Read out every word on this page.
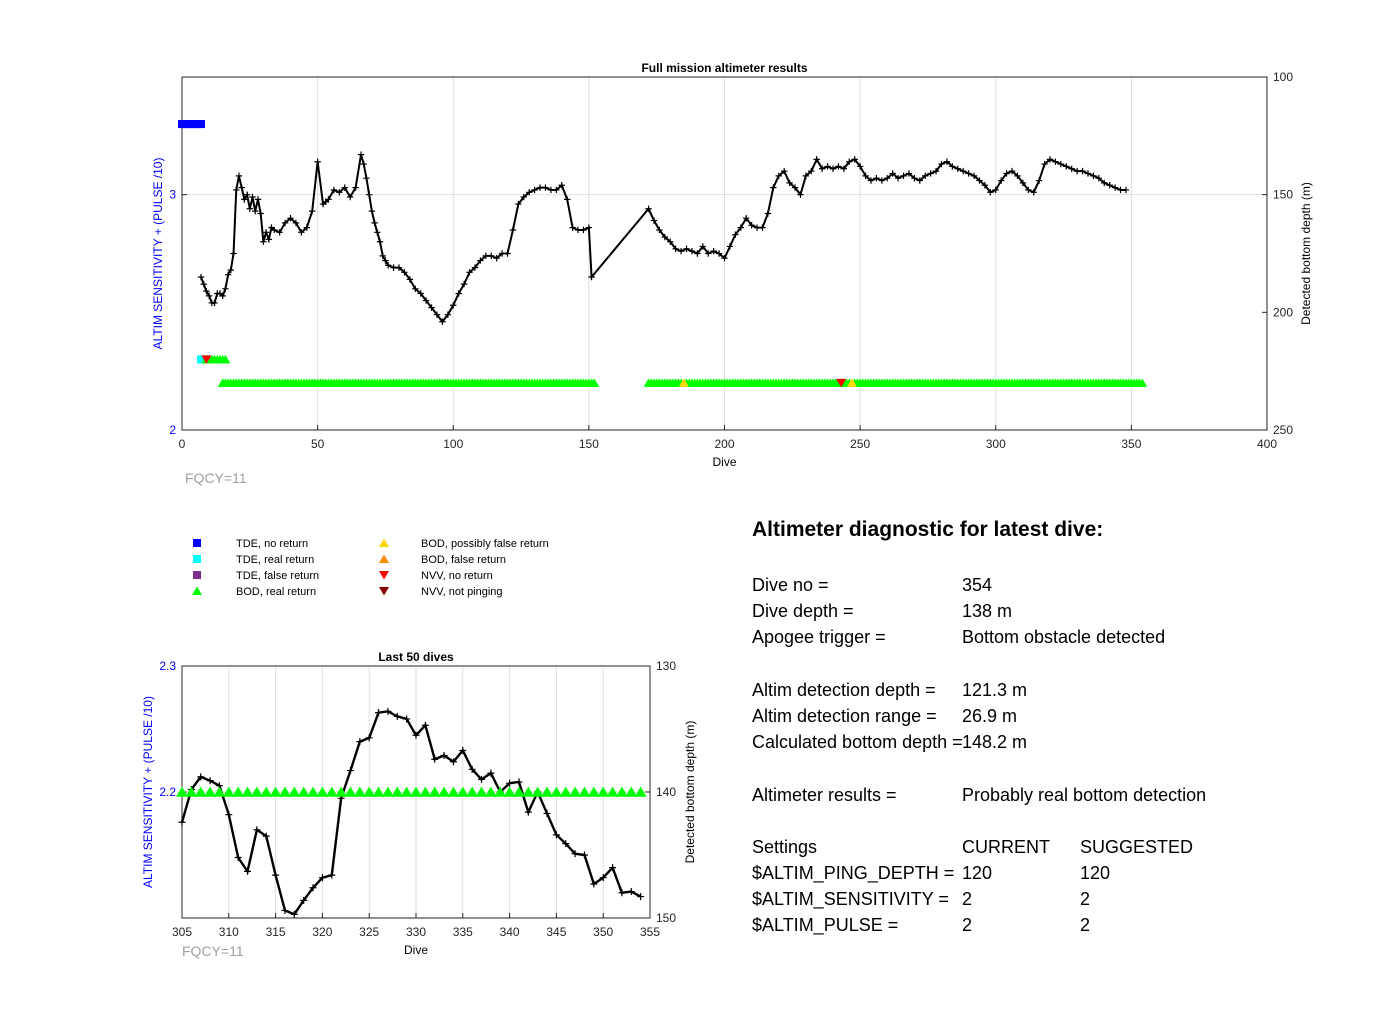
0	50	100	150	200	250	300	350	400
2
3
100
150
200
250
Full mission altimeter results
Dive
ALTIM SENSITIVITY + (PULSE /10)	Detected bottom depth (m)
FQCY=11
305 310 315 320 325 330 335 340 345 350 355
2.2
2.3	130
140
150
Last 50 dives
Dive
ALTIM SENSITIVITY + (PULSE /10)	Detected bottom depth (m)
FQCY=11
TDE, no return
TDE, real return
TDE, false return
BOD, real return
BOD, possibly false return
BOD, false return
NVV, no return
NVV, not pinging
Altimeter diagnostic for latest dive:
Dive no =	354
Dive depth =	138 m
Apogee trigger =	Bottom obstacle detected
Altim detection depth = 121.3 m
Altim detection range = 26.9 m
Calculated bottom depth = 148.2 m
Altimeter results =	Probably real bottom detection
Settings	CURRENT SUGGESTED
$ALTIM_PING_DEPTH = 120	120
$ALTIM_SENSITIVITY = 2	2
$ALTIM_PULSE =	2	2
